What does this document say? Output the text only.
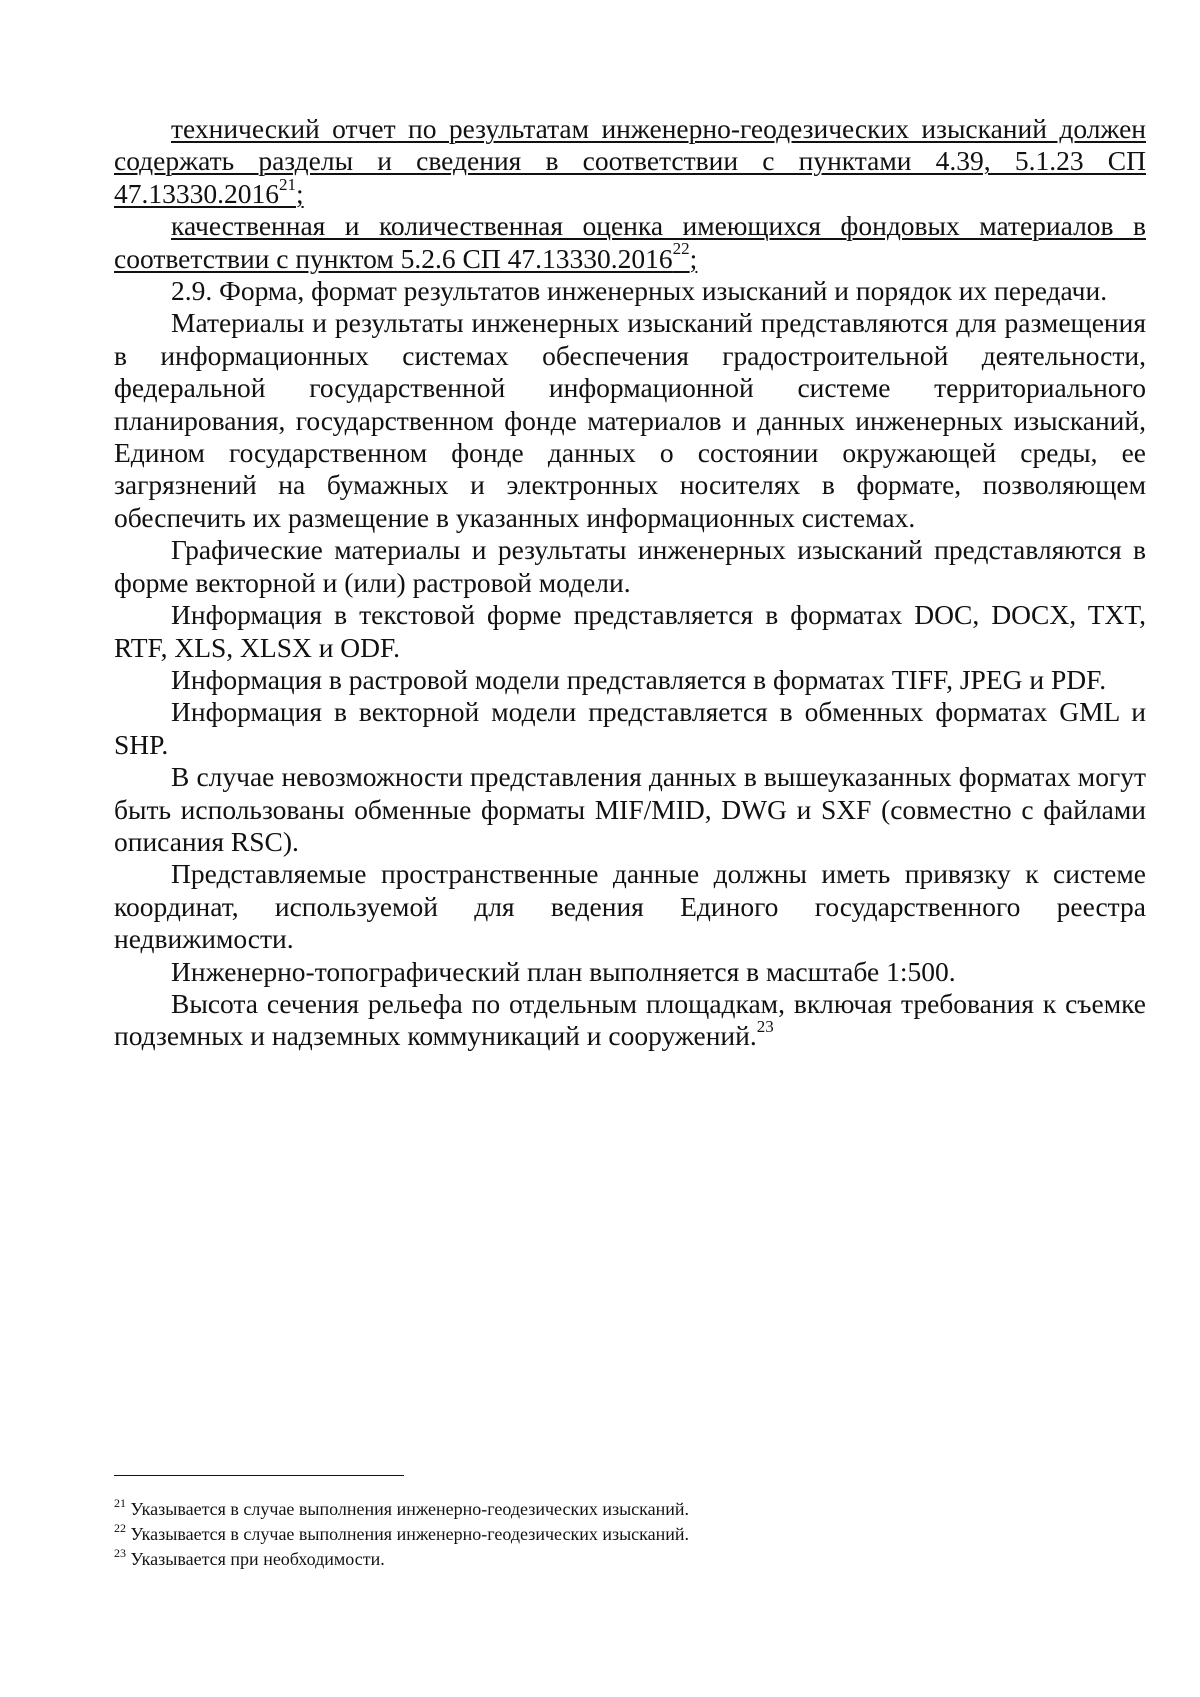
технический отчет по результатам инженерно-геодезических изысканий должен содержать разделы и сведения в соответствии с пунктами 4.39, 5.1.23 СП 47.13330.2016$^{21}$;

качественная и количественная оценка имеющихся фондовых материалов в соответствии с пунктом 5.2.6 СП 47.13330.2016$^{22}$;

2.9. Форма, формат результатов инженерных изысканий и порядок их передачи.

Материалы и результаты инженерных изысканий представляются для размещения в информационных системах обеспечения градостроительной деятельности, федеральной государственной информационной системе территориального планирования, государственном фонде материалов и данных инженерных изысканий, Едином государственном фонде данных о состоянии окружающей среды, ее загрязнений на бумажных и электронных носителях в формате, позволяющем обеспечить их размещение в указанных информационных системах.

Графические материалы и результаты инженерных изысканий представляются в форме векторной и (или) растровой модели.

Информация в текстовой форме представляется в форматах DOC, DOCX, TXT, RTF, XLS, XLSX и ODF.

Информация в растровой модели представляется в форматах TIFF, JPEG и PDF.

Информация в векторной модели представляется в обменных форматах GML и SHP.

В случае невозможности представления данных в вышеуказанных форматах могут быть использованы обменные форматы MIF/MID, DWG и SXF (совместно с файлами описания RSC).

Представляемые пространственные данные должны иметь привязку к системе координат, используемой для ведения Единого государственного реестра недвижимости.

Инженерно-топографический план выполняется в масштабе 1:500.

Высота сечения рельефа по отдельным площадкам, включая требования к съемке подземных и надземных коммуникаций и сооружений.$^{23}$

$^{21}$ Указывается в случае выполнения инженерно-геодезических изысканий.

$^{22}$ Указывается в случае выполнения инженерно-геодезических изысканий.

$^{23}$ Указывается при необходимости.
